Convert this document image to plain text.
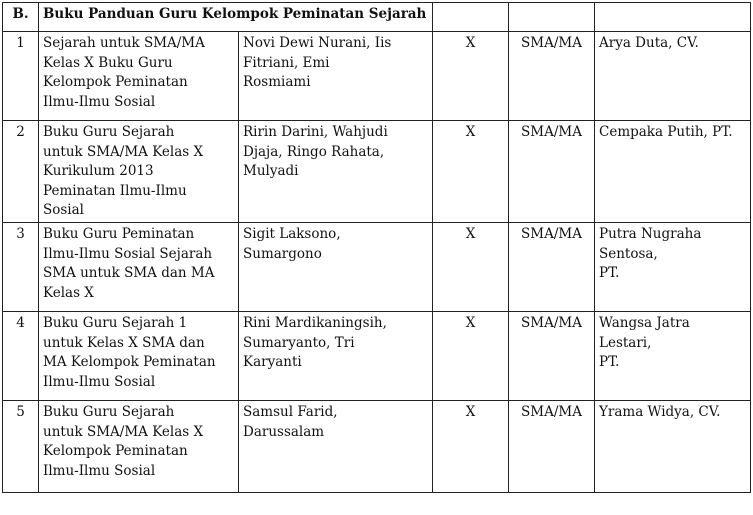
B.	Buku Panduan Guru Kelompok Peminatan Sejarah				
1	Sejarah untuk SMA/MA
Kelas X Buku Guru
Kelompok Peminatan
Ilmu-Ilmu Sosial	Novi Dewi Nurani, Iis
Fitriani, Emi
Rosmiami	X	SMA/MA	Arya Duta, CV.
2	Buku Guru Sejarah
untuk SMA/MA Kelas X
Kurikulum 2013
Peminatan Ilmu-Ilmu
Sosial	Ririn Darini, Wahjudi
Djaja, Ringo Rahata,
Mulyadi	X	SMA/MA	Cempaka Putih, PT.
3	Buku Guru Peminatan
Ilmu-Ilmu Sosial Sejarah
SMA untuk SMA dan MA
Kelas X	Sigit Laksono,
Sumargono	X	SMA/MA	Putra Nugraha Sentosa,
PT.
4	Buku Guru Sejarah 1
untuk Kelas X SMA dan
MA Kelompok Peminatan
Ilmu-Ilmu Sosial	Rini Mardikaningsih,
Sumaryanto, Tri
Karyanti	X	SMA/MA	Wangsa Jatra Lestari,
PT.
5	Buku Guru Sejarah
untuk SMA/MA Kelas X
Kelompok Peminatan
Ilmu-Ilmu Sosial	Samsul Farid,
Darussalam	X	SMA/MA	Yrama Widya, CV.
